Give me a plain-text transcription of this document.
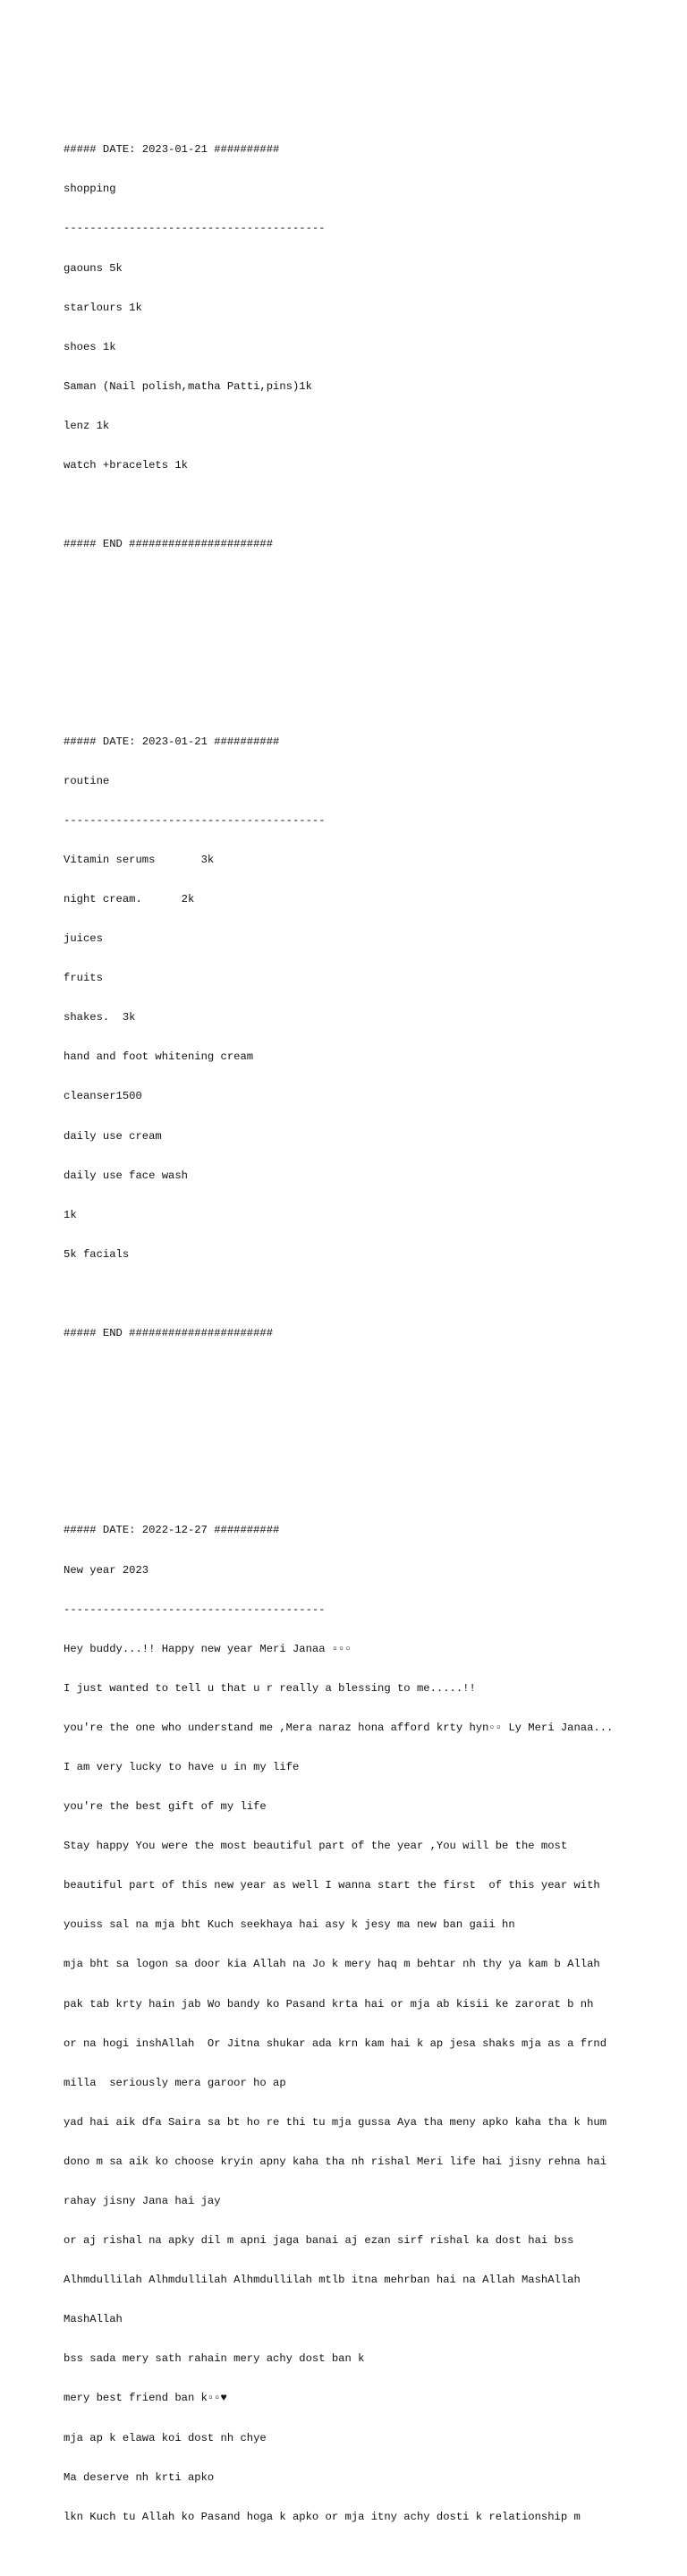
##### DATE: 2023-01-21 ##########

shopping

----------------------------------------

gaouns 5k

starlours 1k

shoes 1k

Saman (Nail polish,matha Patti,pins)1k

lenz 1k

watch +bracelets 1k

##### END ######################

##### DATE: 2023-01-21 ##########

routine

----------------------------------------

Vitamin serums       3k

night cream.      2k

juices

fruits

shakes.  3k

hand and foot whitening cream

cleanser1500

daily use cream

daily use face wash

1k

5k facials

##### END ######################

##### DATE: 2022-12-27 ##########

New year 2023

----------------------------------------

Hey buddy...!! Happy new year Meri Janaa ▫▫▫

I just wanted to tell u that u r really a blessing to me.....!!

you're the one who understand me ,Mera naraz hona afford krty hyn▫▫ Ly Meri Janaa...

I am very lucky to have u in my life

you're the best gift of my life

Stay happy You were the most beautiful part of the year ,You will be the most

beautiful part of this new year as well I wanna start the first  of this year with

youiss sal na mja bht Kuch seekhaya hai asy k jesy ma new ban gaii hn

mja bht sa logon sa door kia Allah na Jo k mery haq m behtar nh thy ya kam b Allah

pak tab krty hain jab Wo bandy ko Pasand krta hai or mja ab kisii ke zarorat b nh

or na hogi inshAllah  Or Jitna shukar ada krn kam hai k ap jesa shaks mja as a frnd

milla  seriously mera garoor ho ap

yad hai aik dfa Saira sa bt ho re thi tu mja gussa Aya tha meny apko kaha tha k hum

dono m sa aik ko choose kryin apny kaha tha nh rishal Meri life hai jisny rehna hai

rahay jisny Jana hai jay

or aj rishal na apky dil m apni jaga banai aj ezan sirf rishal ka dost hai bss

Alhmdullilah Alhmdullilah Alhmdullilah mtlb itna mehrban hai na Allah MashAllah

MashAllah

bss sada mery sath rahain mery achy dost ban k

mery best friend ban k▫▫♥

mja ap k elawa koi dost nh chye

Ma deserve nh krti apko

lkn Kuch tu Allah ko Pasand hoga k apko or mja itny achy dosti k relationship m
